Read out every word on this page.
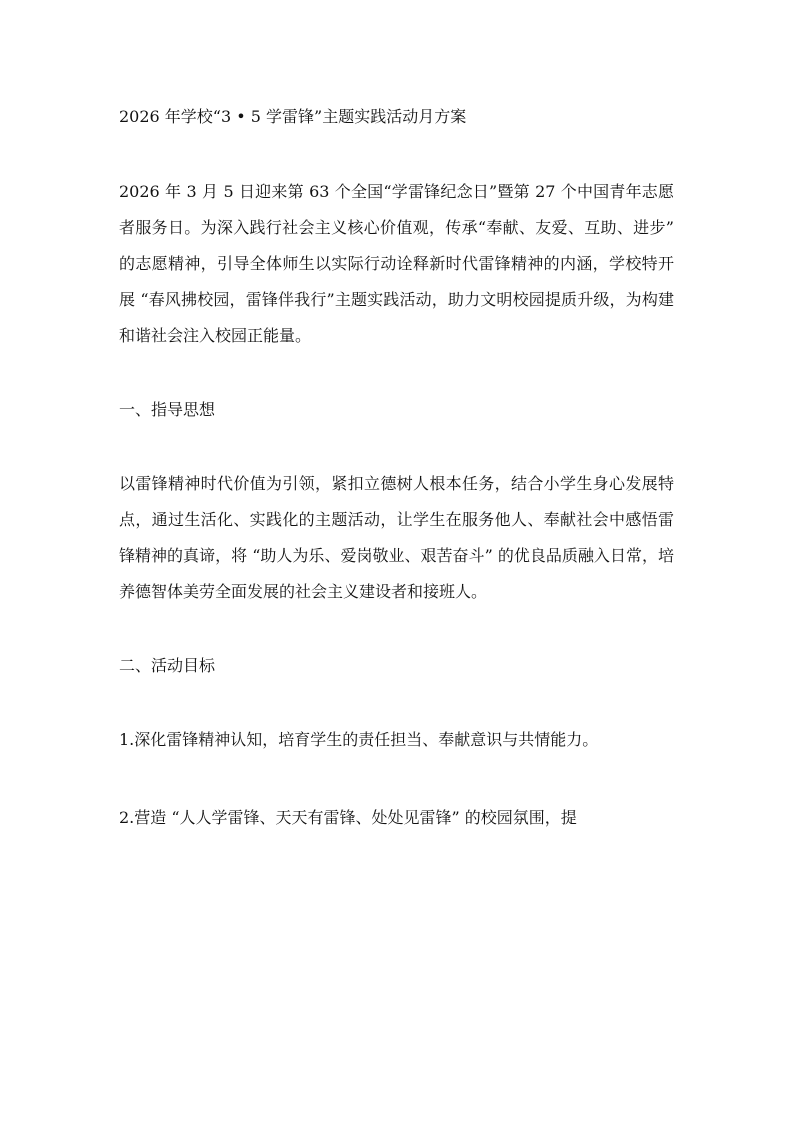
2026 年学校“3 • 5 学雷锋”主题实践活动月方案
2026 年 3 月 5 日迎来第 63 个全国“学雷锋纪念日”暨第 27 个中国青年志愿者服务日。为深入践行社会主义核心价值观，传承“奉献、友爱、互助、进步” 的志愿精神，引导全体师生以实际行动诠释新时代雷锋精神的内涵，学校特开展 “春风拂校园，雷锋伴我行”主题实践活动，助力文明校园提质升级，为构建和谐社会注入校园正能量。
一、指导思想
以雷锋精神时代价值为引领，紧扣立德树人根本任务，结合小学生身心发展特点，通过生活化、实践化的主题活动，让学生在服务他人、奉献社会中感悟雷锋精神的真谛，将 “助人为乐、爱岗敬业、艰苦奋斗” 的优良品质融入日常，培养德智体美劳全面发展的社会主义建设者和接班人。
二、活动目标
1.深化雷锋精神认知，培育学生的责任担当、奉献意识与共情能力。
2.营造 “人人学雷锋、天天有雷锋、处处见雷锋” 的校园氛围，提
